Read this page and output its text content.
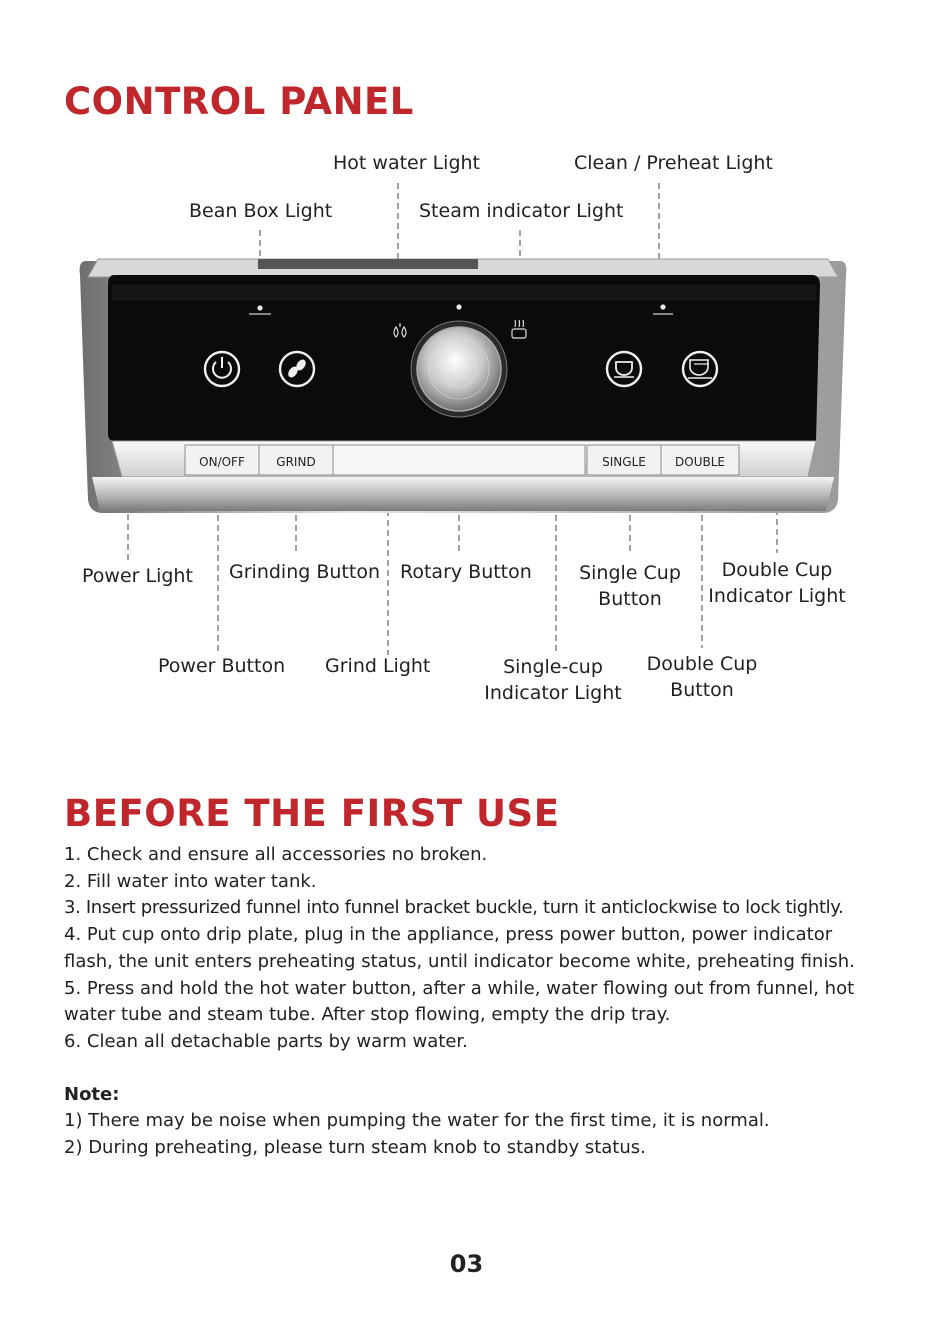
CONTROL PANEL
ON/OFF	GRIND	SINGLE	DOUBLE
Hot water Light	Clean / Preheat Light
Bean Box Light	Steam indicator Light
Power Light Grinding Button Rotary Button	Single Cup
Button
Double Cup
Indicator Light
Power Button Grind Light	Single-cup
Indicator Light
Double Cup
Button
BEFORE THE FIRST USE

1. Check and ensure all accessories no broken.

2. Fill water into water tank.

3. Insert pressurized funnel into funnel bracket buckle, turn it anticlockwise to lock tightly.

4. Put cup onto drip plate, plug in the appliance, press power button, power indicator flash, the unit enters preheating status, until indicator become white, preheating finish.

5. Press and hold the hot water button, after a while, water flowing out from funnel, hot water tube and steam tube. After stop flowing, empty the drip tray.

6. Clean all detachable parts by warm water.

Note:

1) There may be noise when pumping the water for the first time, it is normal.

2) During preheating, please turn steam knob to standby status.

03
